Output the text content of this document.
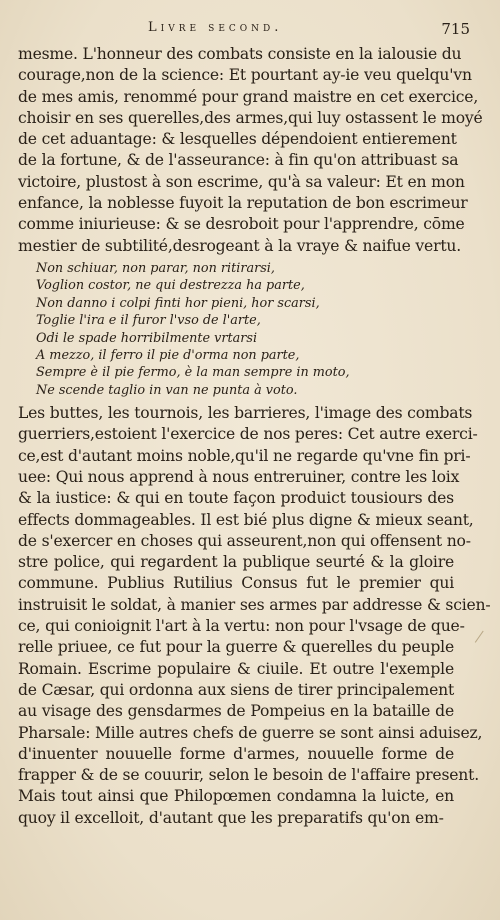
Livre second.	715
mesme. L'honneur des combats consiste en la ialousie du
courage,non de la science: Et pourtant ay-ie veu quelqu'vn
de mes amis, renommé pour grand maistre en cet exercice,
choisir en ses querelles,des armes,qui luy ostassent le moyé
de cet aduantage: & lesquelles dépendoient entierement
de la fortune, & de l'asseurance: à fin qu'on attribuast sa
victoire, plustost à son escrime, qu'à sa valeur: Et en mon
enfance, la noblesse fuyoit la reputation de bon escrimeur
comme iniurieuse: & se desroboit pour l'apprendre, cōme
mestier de subtilité,desrogeant à la vraye & naifue vertu.
Non schiuar, non parar, non ritirarsi,
Voglion costor, ne qui destrezza ha parte,
Non danno i colpi finti hor pieni, hor scarsi,
Toglie l'ira e il furor l'vso de l'arte,
Odi le spade horribilmente vrtarsi
A mezzo, il ferro il pie d'orma non parte,
Sempre è il pie fermo, è la man sempre in moto,
Ne scende taglio in van ne punta à voto.
Les buttes, les tournois, les barrieres, l'image des combats
guerriers,estoient l'exercice de nos peres: Cet autre exerci-
ce,est d'autant moins noble,qu'il ne regarde qu'vne fin pri-
uee: Qui nous apprend à nous entreruiner, contre les loix
& la iustice: & qui en toute façon produict tousiours des
effects dommageables. Il est bié plus digne & mieux seant,
de s'exercer en choses qui asseurent,non qui offensent no-
stre police, qui regardent la publique seurté & la gloire
commune. Publius Rutilius Consus fut le premier qui
instruisit le soldat, à manier ses armes par addresse & scien-
ce, qui conioignit l'art à la vertu: non pour l'vsage de que-
relle priuee, ce fut pour la guerre & querelles du peuple
Romain. Escrime populaire & ciuile. Et outre l'exemple
de Cæsar, qui ordonna aux siens de tirer principalement
au visage des gensdarmes de Pompeius en la bataille de
Pharsale: Mille autres chefs de guerre se sont ainsi aduisez,
d'inuenter nouuelle forme d'armes, nouuelle forme de
frapper & de se couurir, selon le besoin de l'affaire present.
Mais tout ainsi que Philopœmen condamna la luicte, en
quoy il excelloit, d'autant que les preparatifs qu'on em-
